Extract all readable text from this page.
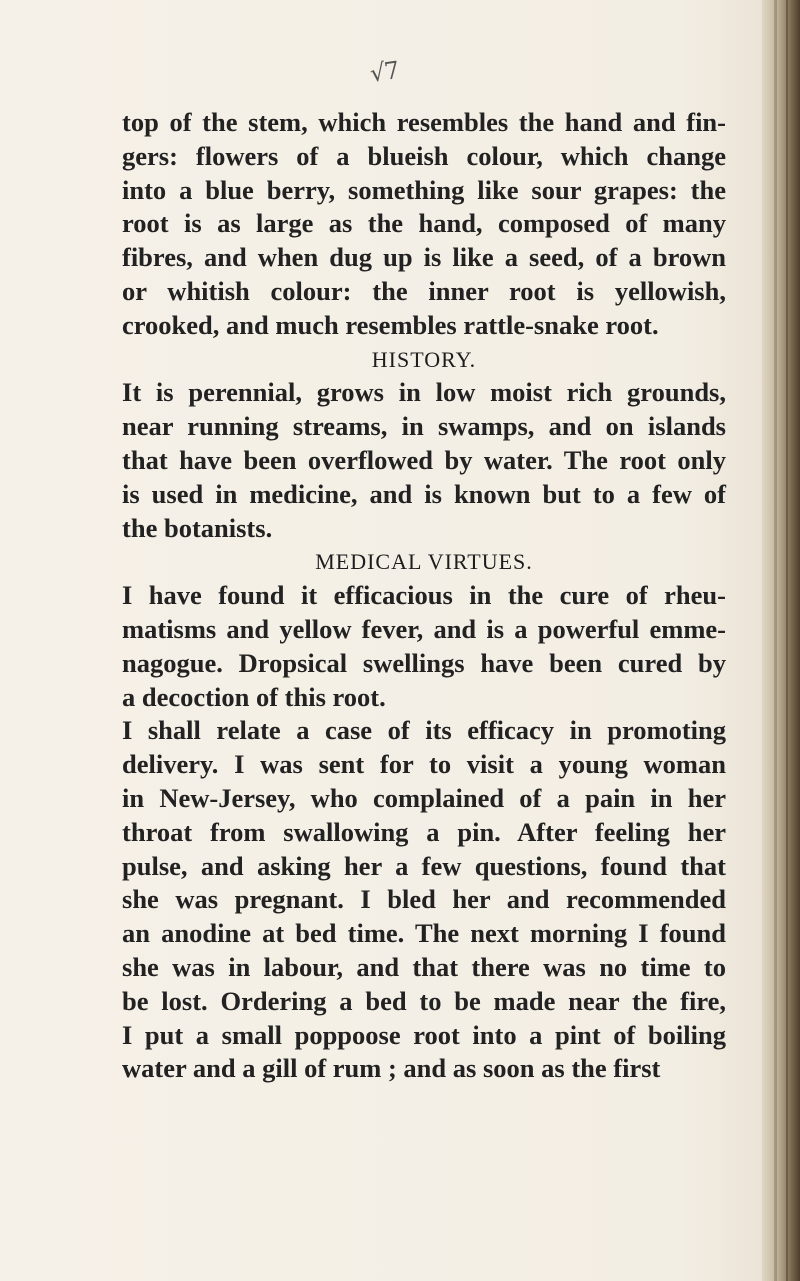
√7
top of the stem, which resembles the hand and fin-
gers: flowers of a blueish colour, which change
into a blue berry, something like sour grapes: the
root is as large as the hand, composed of many
fibres, and when dug up is like a seed, of a brown
or whitish colour: the inner root is yellowish,
crooked, and much resembles rattle-snake root.
HISTORY.
It is perennial, grows in low moist rich grounds,
near running streams, in swamps, and on islands
that have been overflowed by water. The root only
is used in medicine, and is known but to a few of
the botanists.
MEDICAL VIRTUES.
I have found it efficacious in the cure of rheu-
matisms and yellow fever, and is a powerful emme-
nagogue. Dropsical swellings have been cured by
a decoction of this root.
I shall relate a case of its efficacy in promoting
delivery. I was sent for to visit a young woman
in New-Jersey, who complained of a pain in her
throat from swallowing a pin. After feeling her
pulse, and asking her a few questions, found that
she was pregnant. I bled her and recommended
an anodine at bed time. The next morning I found
she was in labour, and that there was no time to
be lost. Ordering a bed to be made near the fire,
I put a small poppoose root into a pint of boiling
water and a gill of rum ; and as soon as the first
